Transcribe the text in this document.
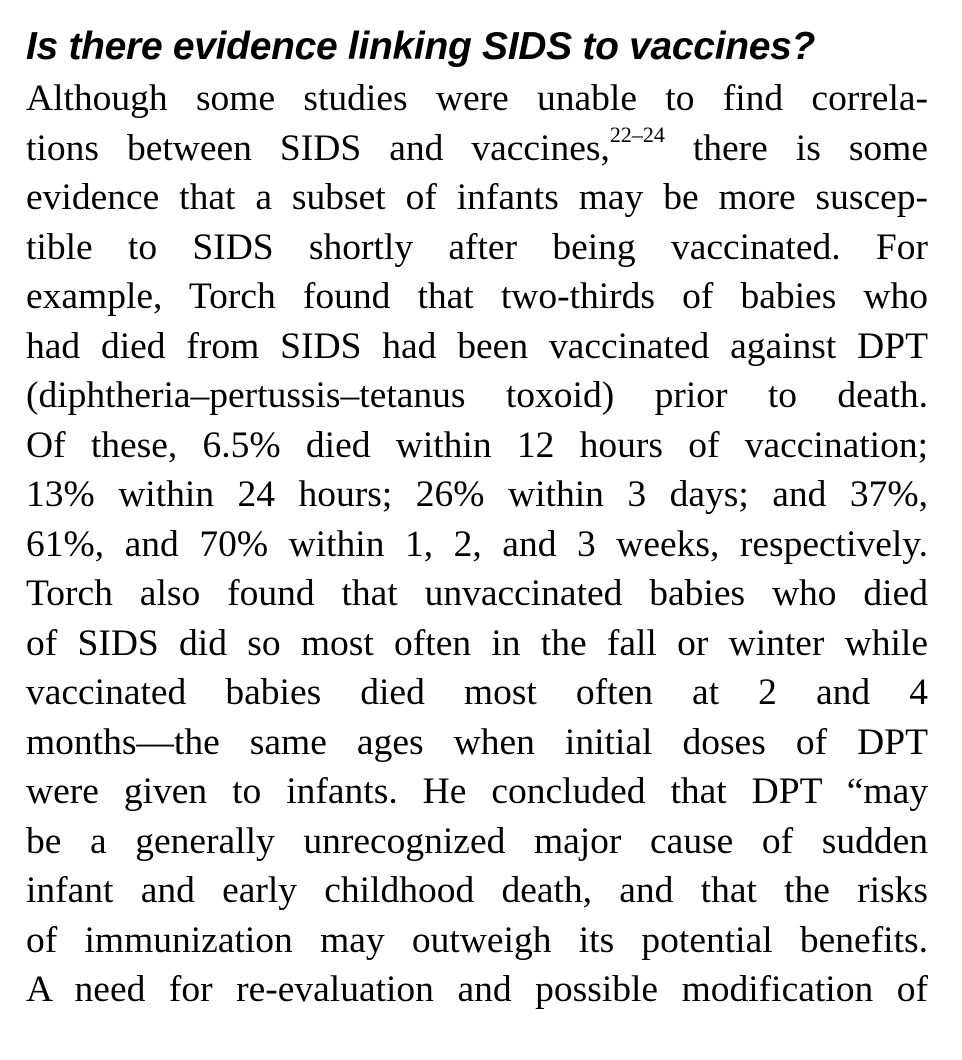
Is there evidence linking SIDS to vaccines?
Although some studies were unable to find correla-
tions between SIDS and vaccines,$^{22-24}$ there is some
evidence that a subset of infants may be more suscep-
tible to SIDS shortly after being vaccinated. For
example, Torch found that two-thirds of babies who
had died from SIDS had been vaccinated against DPT
(diphtheria–pertussis–tetanus toxoid) prior to death.
Of these, 6.5% died within 12 hours of vaccination;
13% within 24 hours; 26% within 3 days; and 37%,
61%, and 70% within 1, 2, and 3 weeks, respectively.
Torch also found that unvaccinated babies who died
of SIDS did so most often in the fall or winter while
vaccinated babies died most often at 2 and 4
months—the same ages when initial doses of DPT
were given to infants. He concluded that DPT “may
be a generally unrecognized major cause of sudden
infant and early childhood death, and that the risks
of immunization may outweigh its potential benefits.
A need for re-evaluation and possible modification of
